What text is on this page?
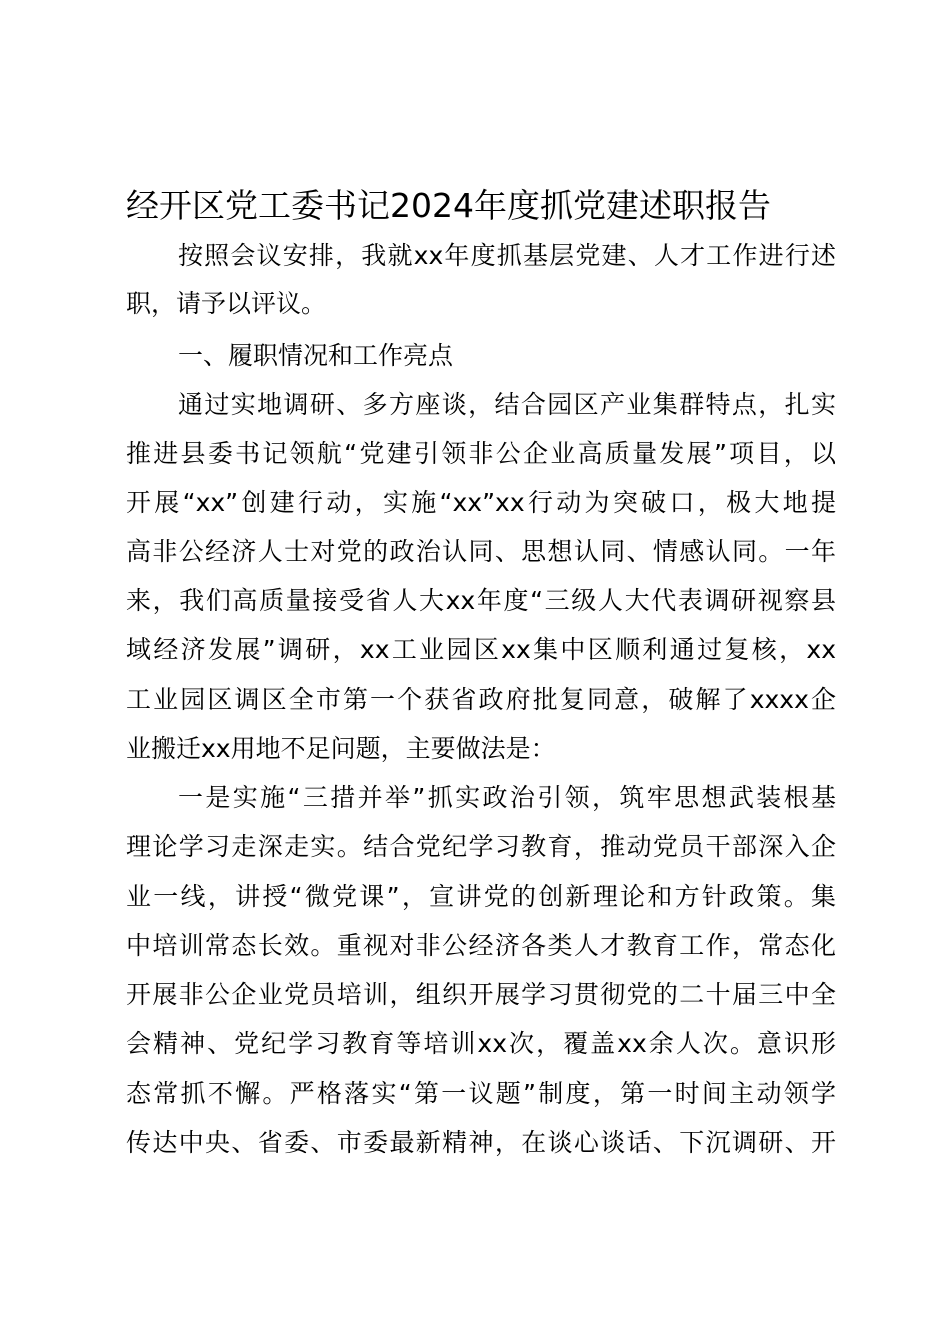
经开区党工委书记2024年度抓党建述职报告
按照会议安排，我就xx年度抓基层党建、人才工作进行述
职，请予以评议。
一、履职情况和工作亮点
通过实地调研、多方座谈，结合园区产业集群特点，扎实
推进县委书记领航“党建引领非公企业高质量发展”项目，以
开展“xx”创建行动，实施“xx”xx行动为突破口，极大地提
高非公经济人士对党的政治认同、思想认同、情感认同。一年
来，我们高质量接受省人大xx年度“三级人大代表调研视察县
域经济发展”调研，xx工业园区xx集中区顺利通过复核，xx
工业园区调区全市第一个获省政府批复同意，破解了xxxx企
业搬迁xx用地不足问题，主要做法是：
一是实施“三措并举”抓实政治引领，筑牢思想武装根基
理论学习走深走实。结合党纪学习教育，推动党员干部深入企
业一线，讲授“微党课”，宣讲党的创新理论和方针政策。集
中培训常态长效。重视对非公经济各类人才教育工作，常态化
开展非公企业党员培训，组织开展学习贯彻党的二十届三中全
会精神、党纪学习教育等培训xx次，覆盖xx余人次。意识形
态常抓不懈。严格落实“第一议题”制度，第一时间主动领学
传达中央、省委、市委最新精神，在谈心谈话、下沉调研、开
